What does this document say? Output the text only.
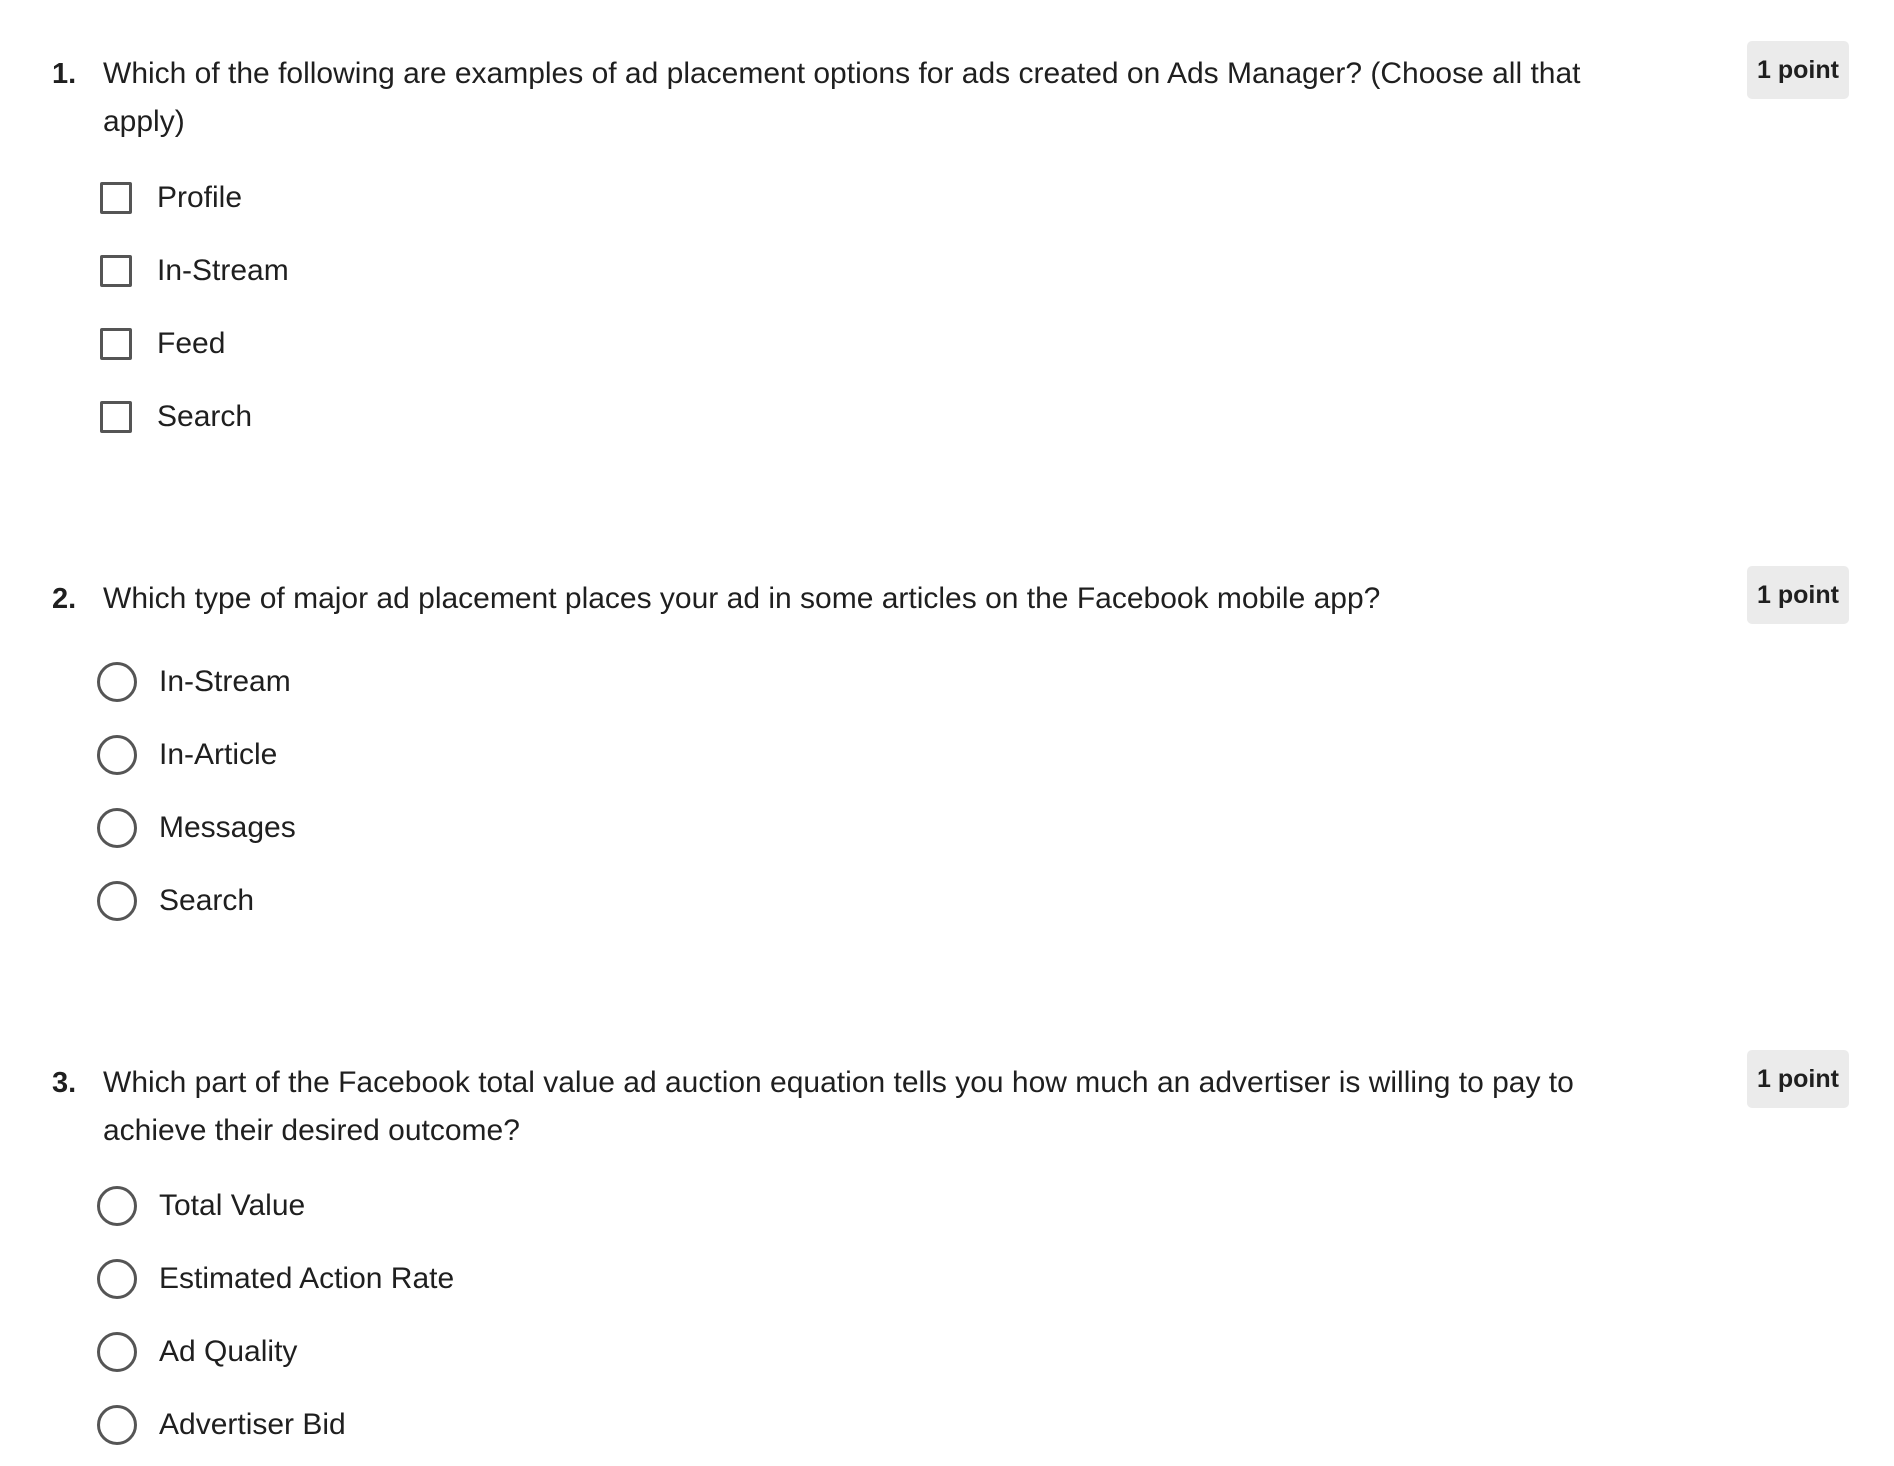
1. Which of the following are examples of ad placement options for ads created on Ads Manager? (Choose all that apply)
1 point
Profile
In-Stream
Feed
Search
2. Which type of major ad placement places your ad in some articles on the Facebook mobile app?	1 point
In-Stream
In-Article
Messages
Search
3. Which part of the Facebook total value ad auction equation tells you how much an advertiser is willing to pay to achieve their desired outcome?
1 point
Total Value
Estimated Action Rate
Ad Quality
Advertiser Bid
